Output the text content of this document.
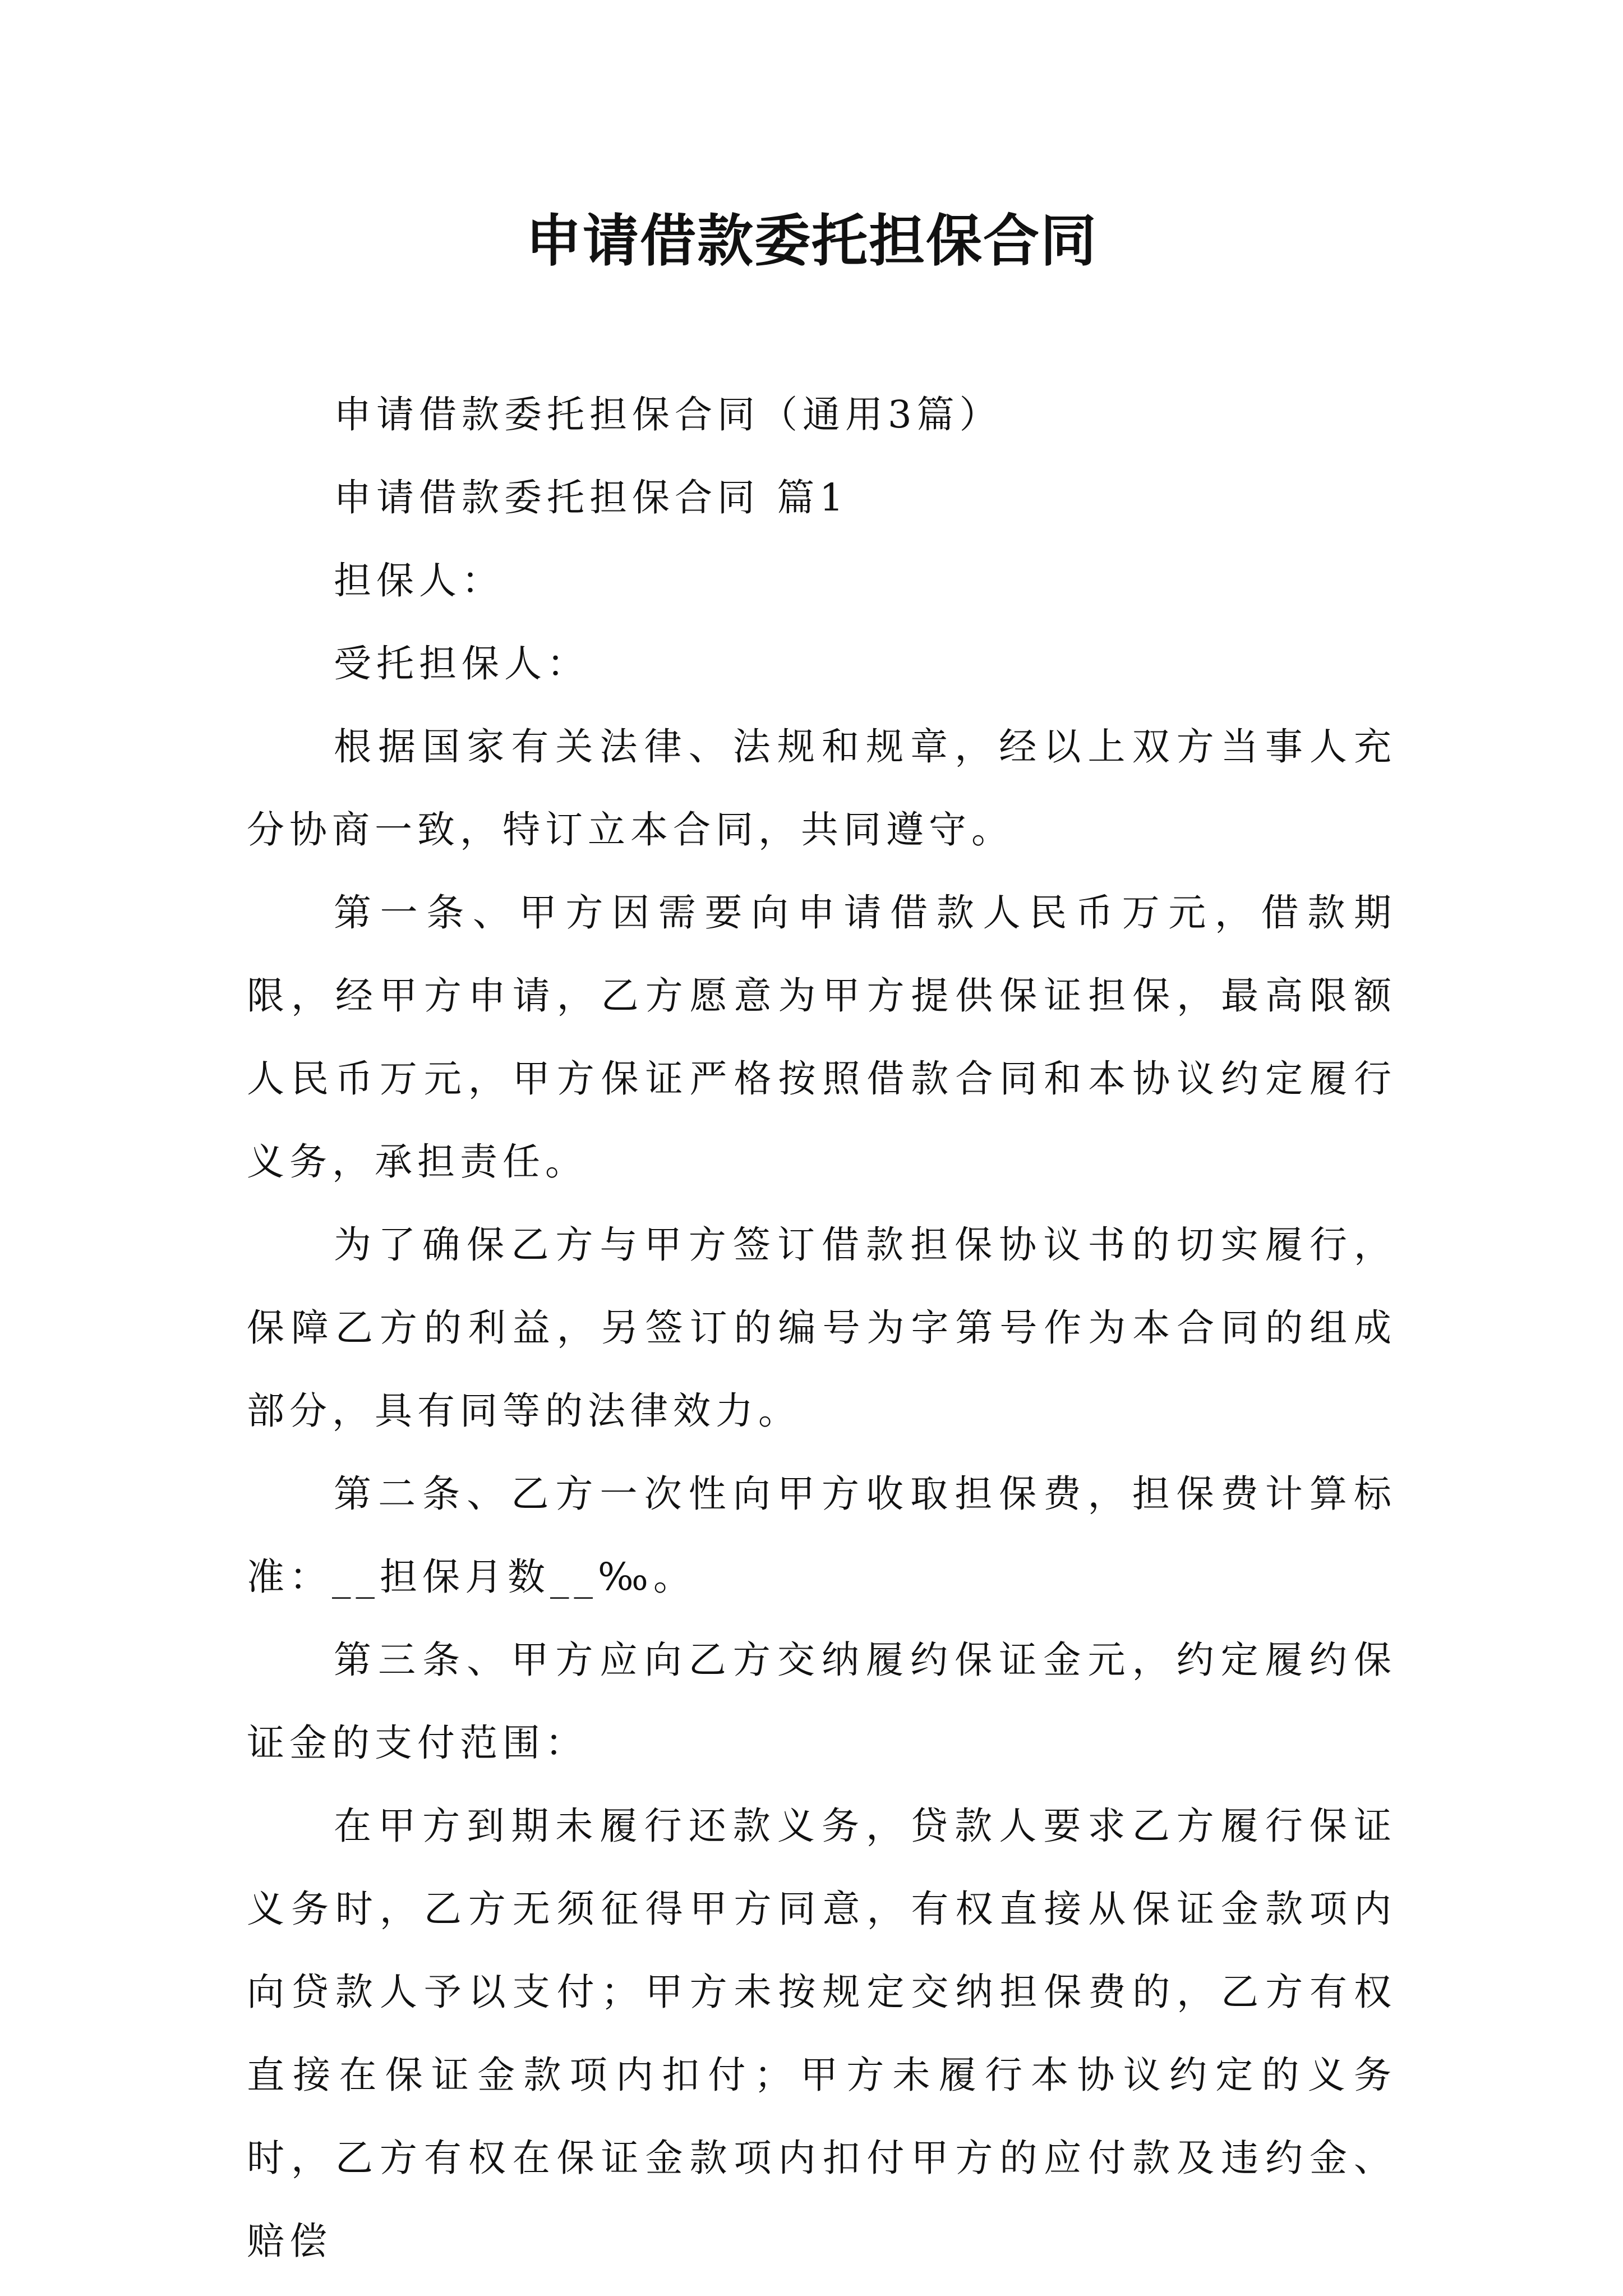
申请借款委托担保合同

申请借款委托担保合同（通用3篇）

申请借款委托担保合同 篇1

担保人：

受托担保人：

根据国家有关法律、法规和规章，经以上双方当事人充分协商一致，特订立本合同，共同遵守。

第一条、甲方因需要向申请借款人民币万元，借款期限，经甲方申请，乙方愿意为甲方提供保证担保，最高限额人民币万元，甲方保证严格按照借款合同和本协议约定履行义务，承担责任。

为了确保乙方与甲方签订借款担保协议书的切实履行，保障乙方的利益，另签订的编号为字第号作为本合同的组成部分，具有同等的法律效力。

第二条、乙方一次性向甲方收取担保费，担保费计算标准：__担保月数__‰。

第三条、甲方应向乙方交纳履约保证金元，约定履约保证金的支付范围：

在甲方到期未履行还款义务，贷款人要求乙方履行保证义务时，乙方无须征得甲方同意，有权直接从保证金款项内向贷款人予以支付；甲方未按规定交纳担保费的，乙方有权直接在保证金款项内扣付；甲方未履行本协议约定的义务时，乙方有权在保证金款项内扣付甲方的应付款及违约金、赔偿
